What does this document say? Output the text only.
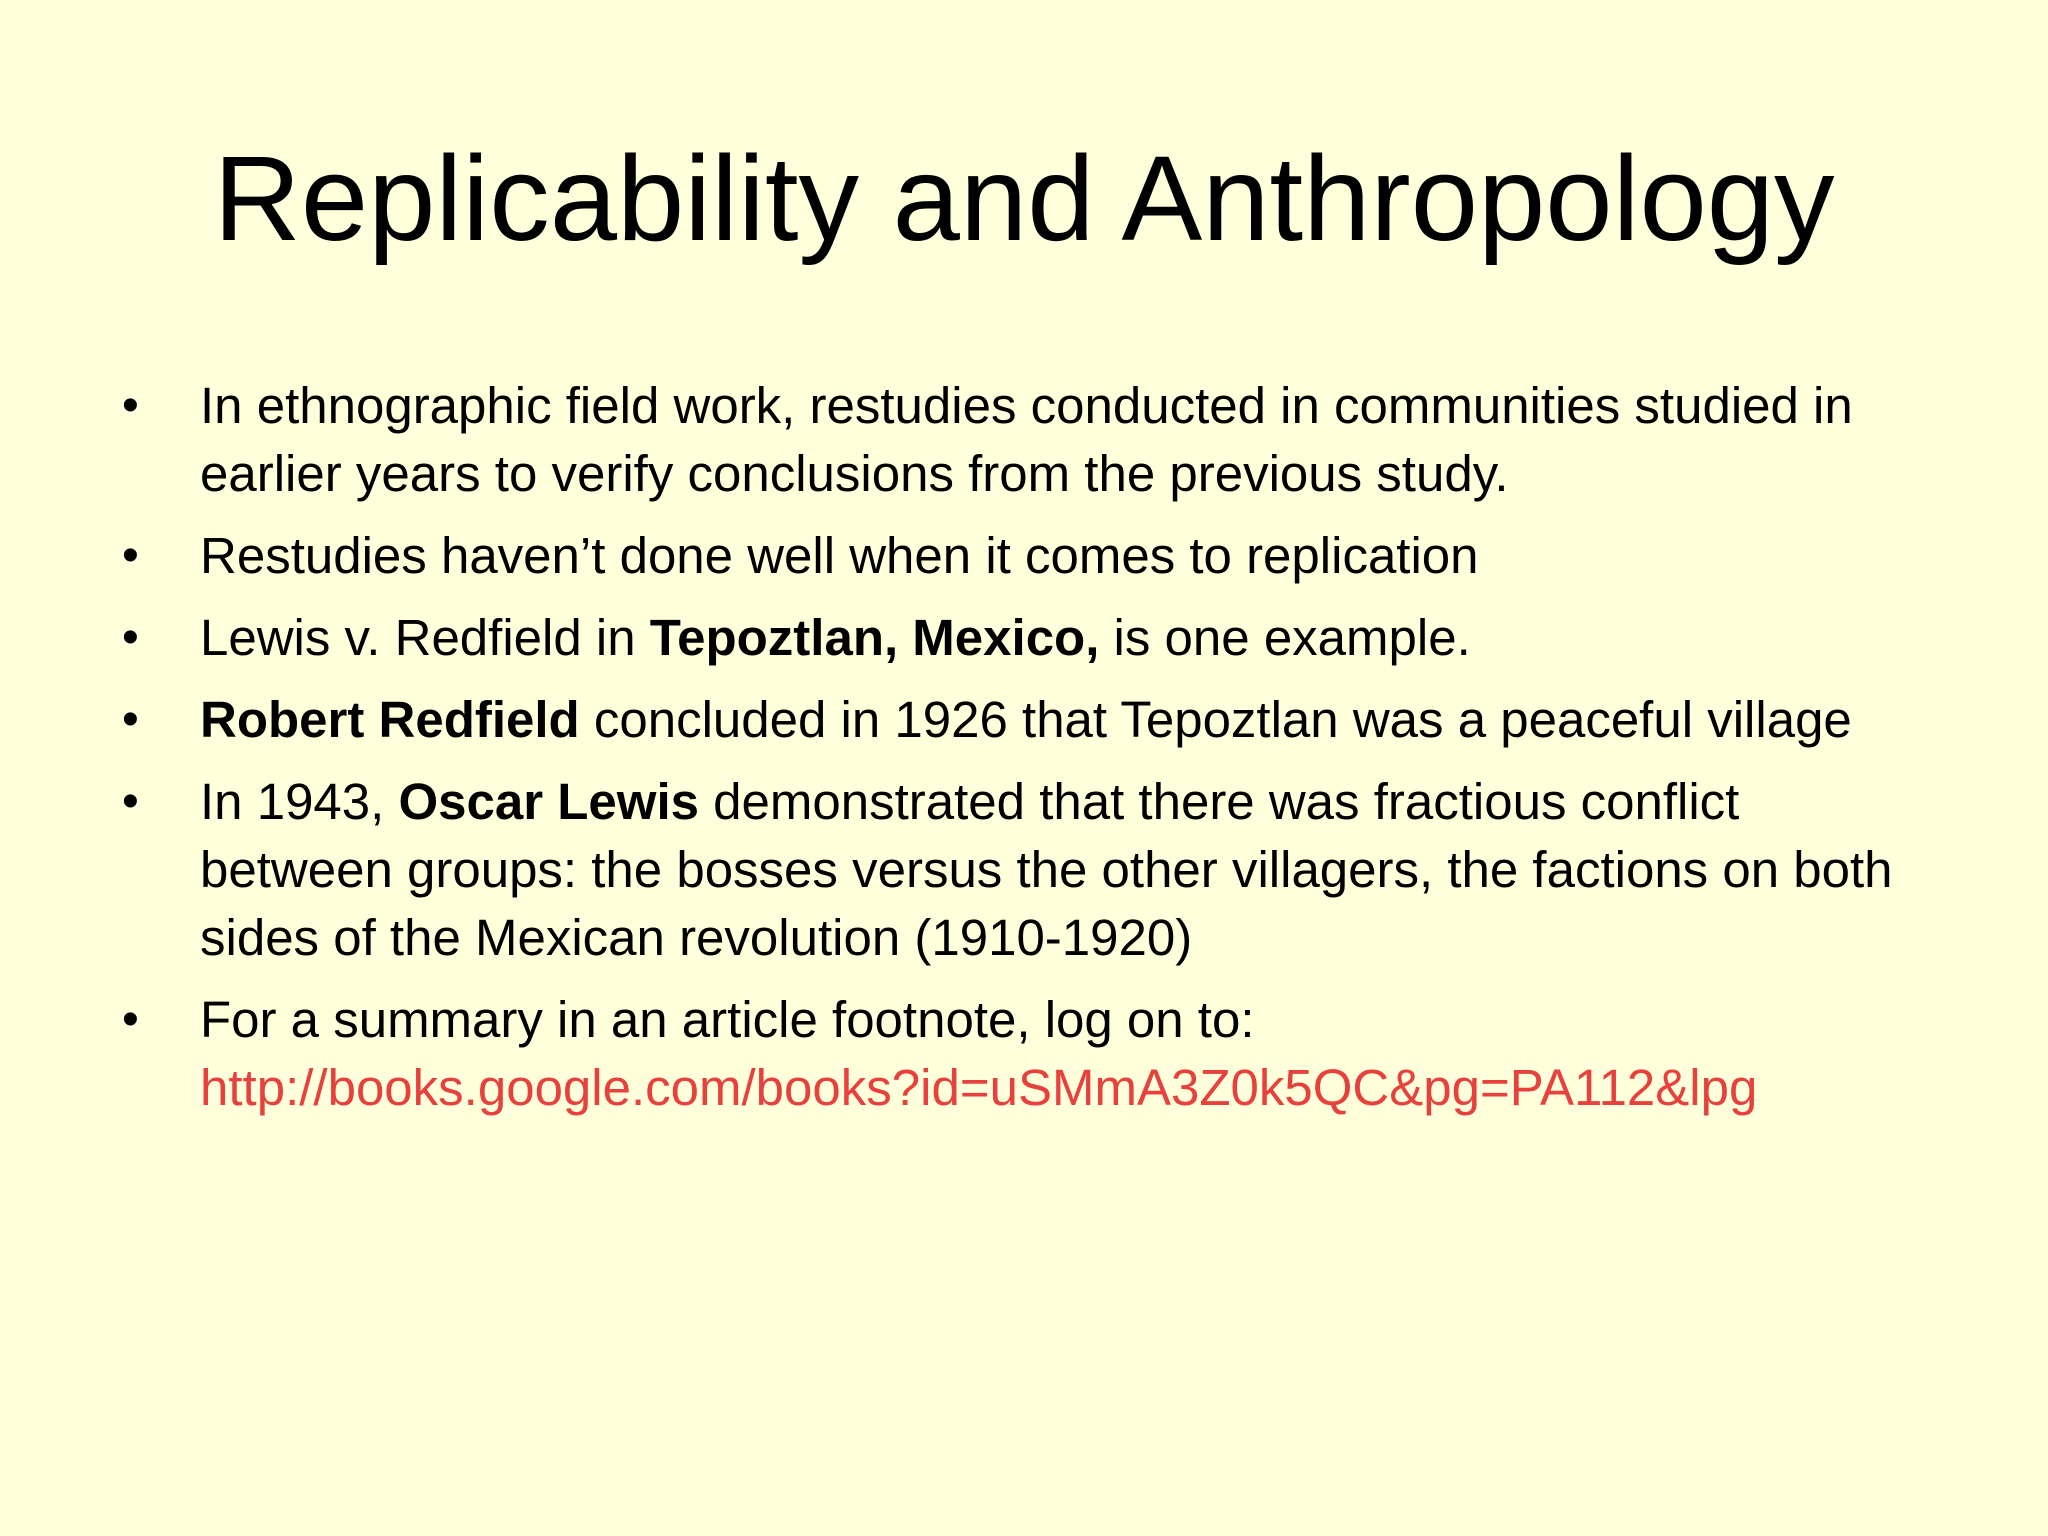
Replicability and Anthropology
• In ethnographic field work, restudies conducted in communities studied in earlier years to verify conclusions from the previous study.
• Restudies haven’t done well when it comes to replication
• Lewis v. Redfield in Tepoztlan, Mexico, is one example.
• Robert Redfield concluded in 1926 that Tepoztlan was a peaceful village
• In 1943, Oscar Lewis demonstrated that there was fractious conflict between groups: the bosses versus the other villagers, the factions on both sides of the Mexican revolution (1910-1920)
• For a summary in an article footnote, log on to:
http://books.google.com/books?id=uSMmA3Z0k5QC&pg=PA112&lpg
